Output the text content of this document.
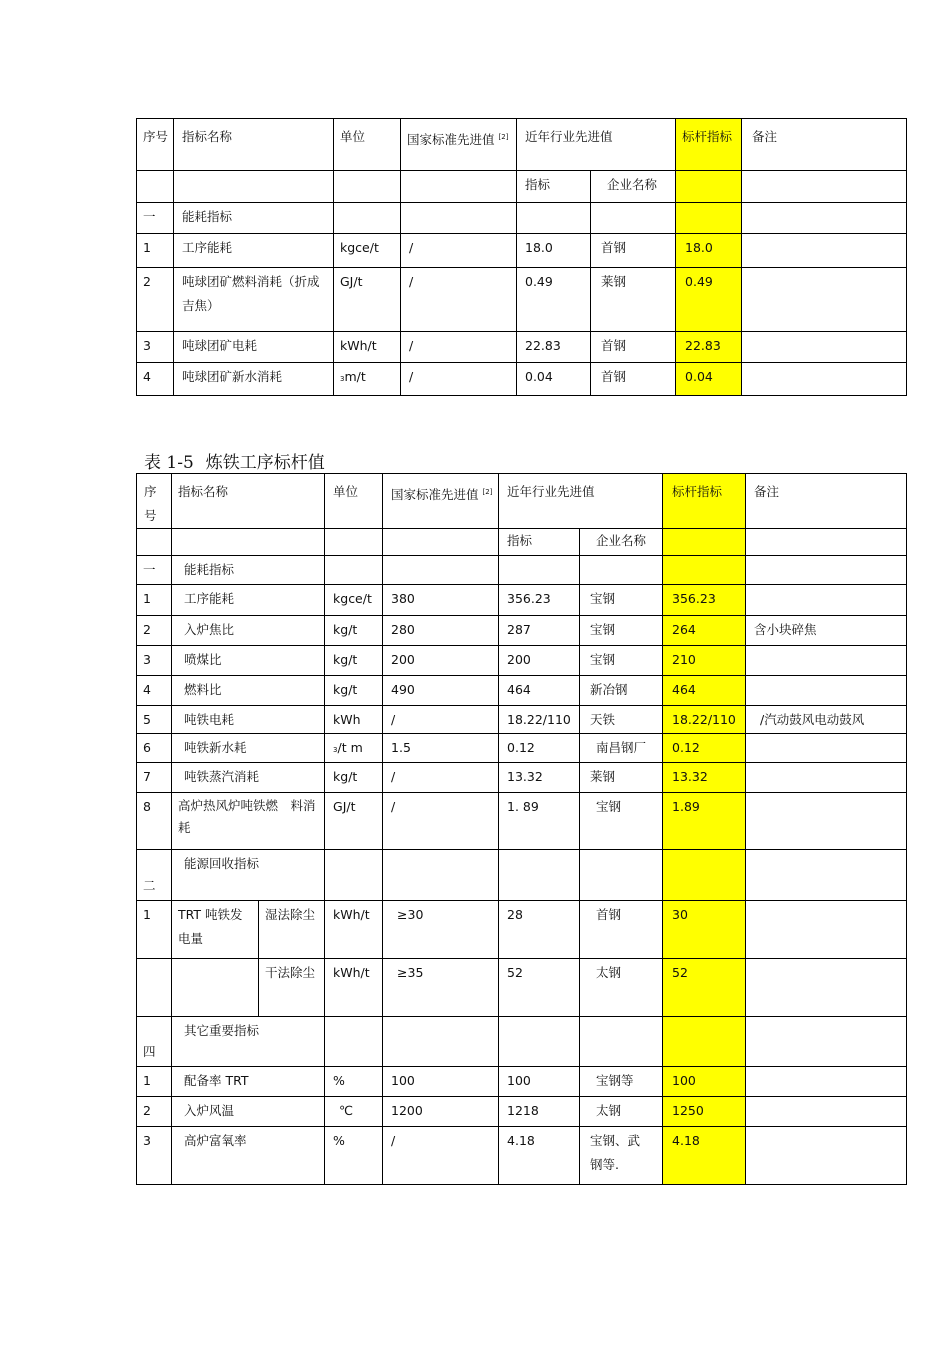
序号	指标名称	单位	国家标准先进值 [2]	近年行业先进值		标杆指标	备注
				指标	企业名称		
一	能耗指标						
1	工序能耗	kgce/t	/	18.0	首钢	18.0	
2	吨球团矿燃料消耗（折成吉焦）	GJ/t	/	0.49	莱钢	0.49	
3	吨球团矿电耗	kWh/t	/	22.83	首钢	22.83	
4	吨球团矿新水消耗	3m/t	/	0.04	首钢	0.04	
表 1-5 炼铁工序标杆值
序号	指标名称		单位	国家标准先进值 [2]	近年行业先进值		标杆指标	备注
					指标	企业名称		
一	能耗指标							
1	工序能耗		kgce/t	380	356.23	宝钢	356.23	
2	入炉焦比		kg/t	280	287	宝钢	264	含小块碎焦
3	喷煤比		kg/t	200	200	宝钢	210	
4	燃料比		kg/t	490	464	新冶钢	464	
5	吨铁电耗		kWh	/	18.22/110	天铁	18.22/110	/汽动鼓风电动鼓风
6	吨铁新水耗		3/t m	1.5	0.12	南昌钢厂	0.12	
7	吨铁蒸汽消耗		kg/t	/	13.32	莱钢	13.32	
8	高炉热风炉吨铁燃　料消耗		GJ/t	/	1. 89	宝钢	1.89	
二	能源回收指标							
1	TRT 吨铁发电量	湿法除尘	kWh/t	≥30	28	首钢	30	
		干法除尘	kWh/t	≥35	52	太钢	52	
四	其它重要指标							
1	配备率 TRT		%	100	100	宝钢等	100	
2	入炉风温		℃	1200	1218	太钢	1250	
3	高炉富氧率		%	/	4.18	宝钢、武钢等.	4.18	
